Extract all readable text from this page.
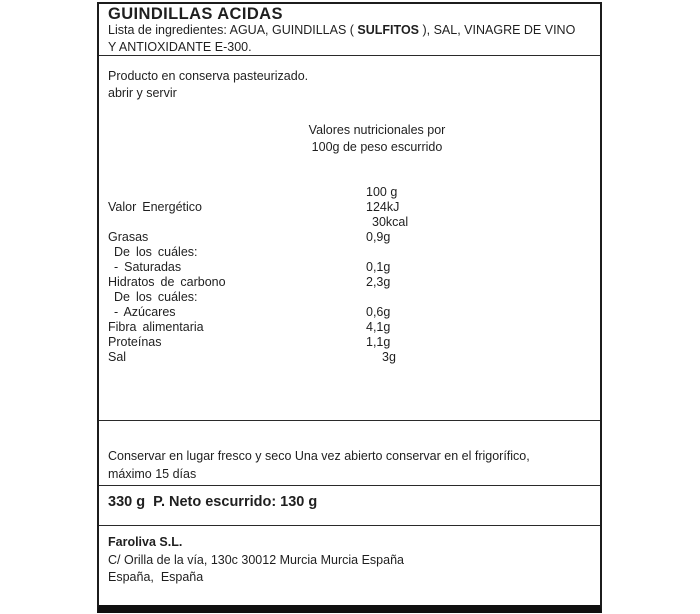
GUINDILLAS ACIDAS

Lista de ingredientes: AGUA, GUINDILLAS ( SULFITOS ), SAL, VINAGRE DE VINO Y ANTIOXIDANTE E-300.

Producto en conserva pasteurizado.
abrir y servir
Valores nutricionales por
100g de peso escurrido
100 g
Valor Energético	124kJ
30kcal
Grasas	0,9g
De los cuáles:
- Saturadas	0,1g
Hidratos de carbono	2,3g
De los cuáles:
- Azúcares	0,6g
Fibra alimentaria	4,1g
Proteínas	1,1g
Sal	3g
Conservar en lugar fresco y seco Una vez abierto conservar en el frigorífico,
máximo 15 días
330 g  P. Neto escurrido: 130 g
Faroliva S.L.
C/ Orilla de la vía, 130c 30012 Murcia Murcia España
España,  España
